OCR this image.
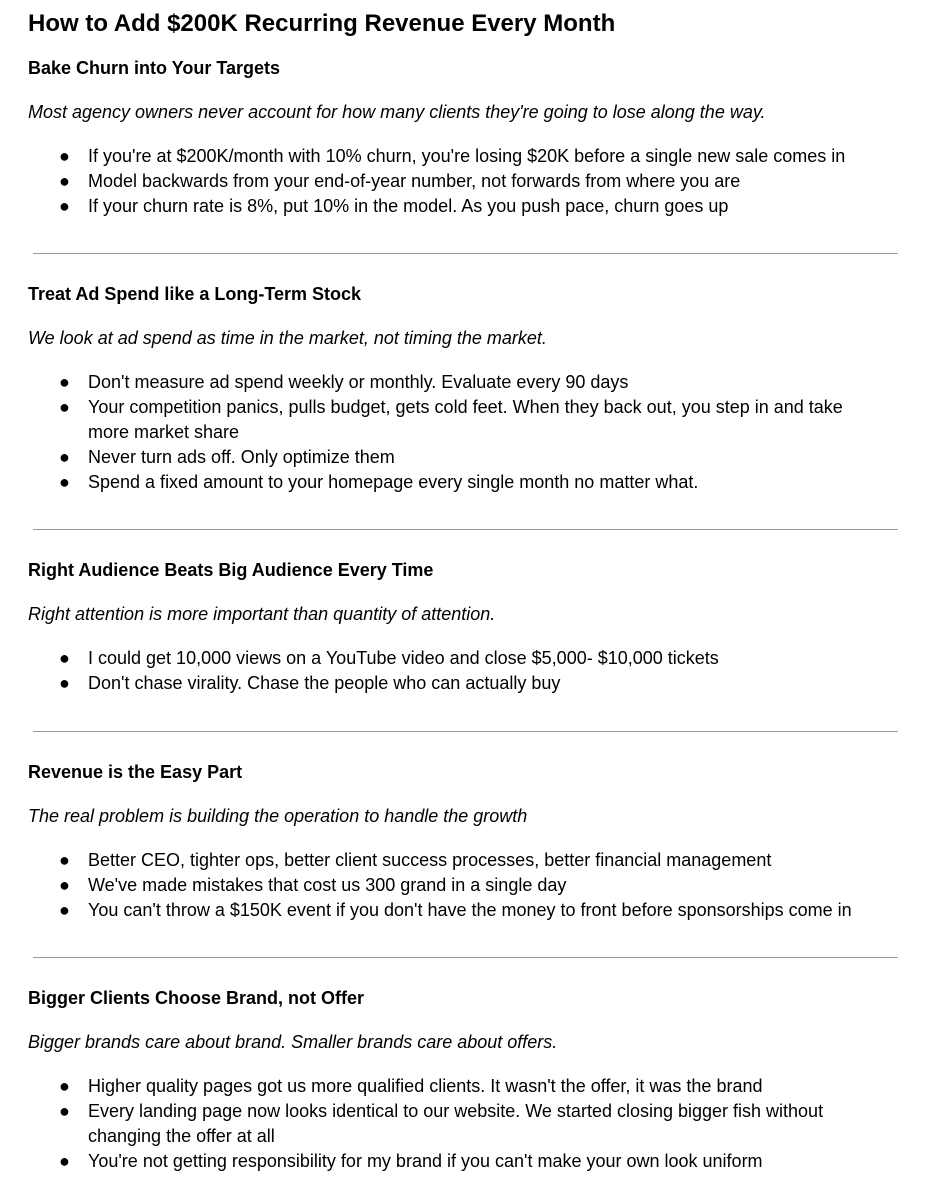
How to Add $200K Recurring Revenue Every Month
Bake Churn into Your Targets

Most agency owners never account for how many clients they're going to lose along the way.

● If you're at $200K/month with 10% churn, you're losing $20K before a single new sale comes in
● Model backwards from your end-of-year number, not forwards from where you are
● If your churn rate is 8%, put 10% in the model. As you push pace, churn goes up
Treat Ad Spend like a Long-Term Stock

We look at ad spend as time in the market, not timing the market.

● Don't measure ad spend weekly or monthly. Evaluate every 90 days
● Your competition panics, pulls budget, gets cold feet. When they back out, you step in and take more market share
● Never turn ads off. Only optimize them
● Spend a fixed amount to your homepage every single month no matter what.
Right Audience Beats Big Audience Every Time

Right attention is more important than quantity of attention.

● I could get 10,000 views on a YouTube video and close $5,000- $10,000 tickets
● Don't chase virality. Chase the people who can actually buy
Revenue is the Easy Part

The real problem is building the operation to handle the growth

● Better CEO, tighter ops, better client success processes, better financial management
● We've made mistakes that cost us 300 grand in a single day
● You can't throw a $150K event if you don't have the money to front before sponsorships come in
Bigger Clients Choose Brand, not Offer

Bigger brands care about brand. Smaller brands care about offers.

● Higher quality pages got us more qualified clients. It wasn't the offer, it was the brand
● Every landing page now looks identical to our website. We started closing bigger fish without changing the offer at all
● You're not getting responsibility for my brand if you can't make your own look uniform
